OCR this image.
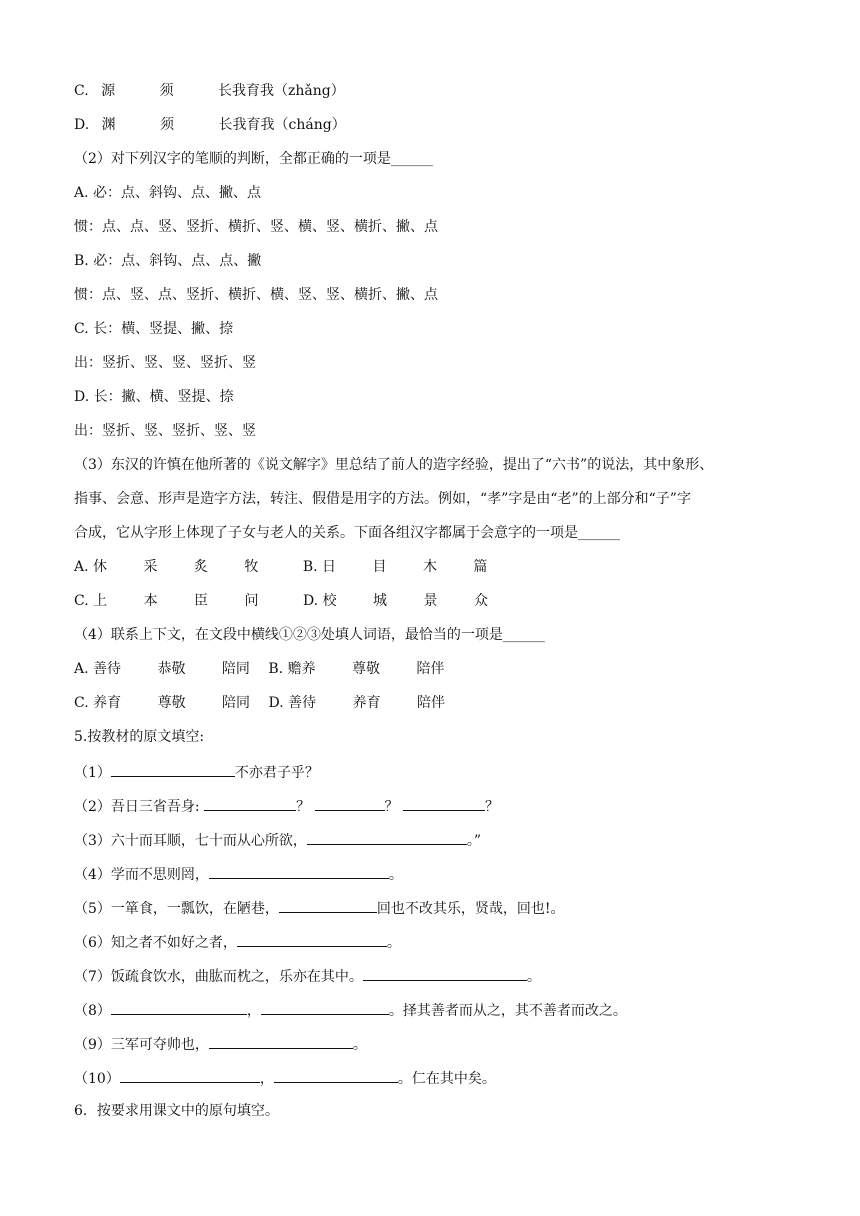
C. 源	须	长我育我（zhǎng）
D. 渊	须	长我育我（cháng）
（2）对下列汉字的笔顺的判断，全都正确的一项是______
A. 必：点、斜钩、点、撇、点
惯：点、点、竖、竖折、横折、竖、横、竖、横折、撇、点
B. 必：点、斜钩、点、点、撇
惯：点、竖、点、竖折、横折、横、竖、竖、横折、撇、点
C. 长：横、竖提、撇、捺
出：竖折、竖、竖、竖折、竖
D. 长：撇、横、竖提、捺
出：竖折、竖、竖折、竖、竖
（3）东汉的许慎在他所著的《说文解字》里总结了前人的造字经验，提出了“六书”的说法，其中象形、
指事、会意、形声是造字方法，转注、假借是用字的方法。例如，“孝”字是由“老”的上部分和“子”字
合成，它从字形上体现了子女与老人的关系。下面各组汉字都属于会意字的一项是______
A. 休	采	炙	牧	B. 日	目	木	篇
C. 上	本	臣	问	D. 校	城	景	众
（4）联系上下文，在文段中横线①②③处填人词语，最恰当的一项是______
A. 善待	恭敬	陪同 B. 赡养	尊敬	陪伴
C. 养育	尊敬	陪同 D. 善待	养育	陪伴
5.按教材的原文填空:
（1）	不亦君子乎？
（2）吾日三省吾身:	？	？	？
（3）六十而耳顺，七十而从心所欲，	。”
（4）学而不思则罔，	。
（5）一箪食，一瓢饮，在陋巷，	回也不改其乐，贤哉，回也!。
（6）知之者不如好之者，	。
（7）饭疏食饮水，曲肱而枕之，乐亦在其中。	。
（8）	，	。择其善者而从之，其不善者而改之。
（9）三军可夺帅也，	。
（10）	，	。仁在其中矣。
6．按要求用课文中的原句填空。
